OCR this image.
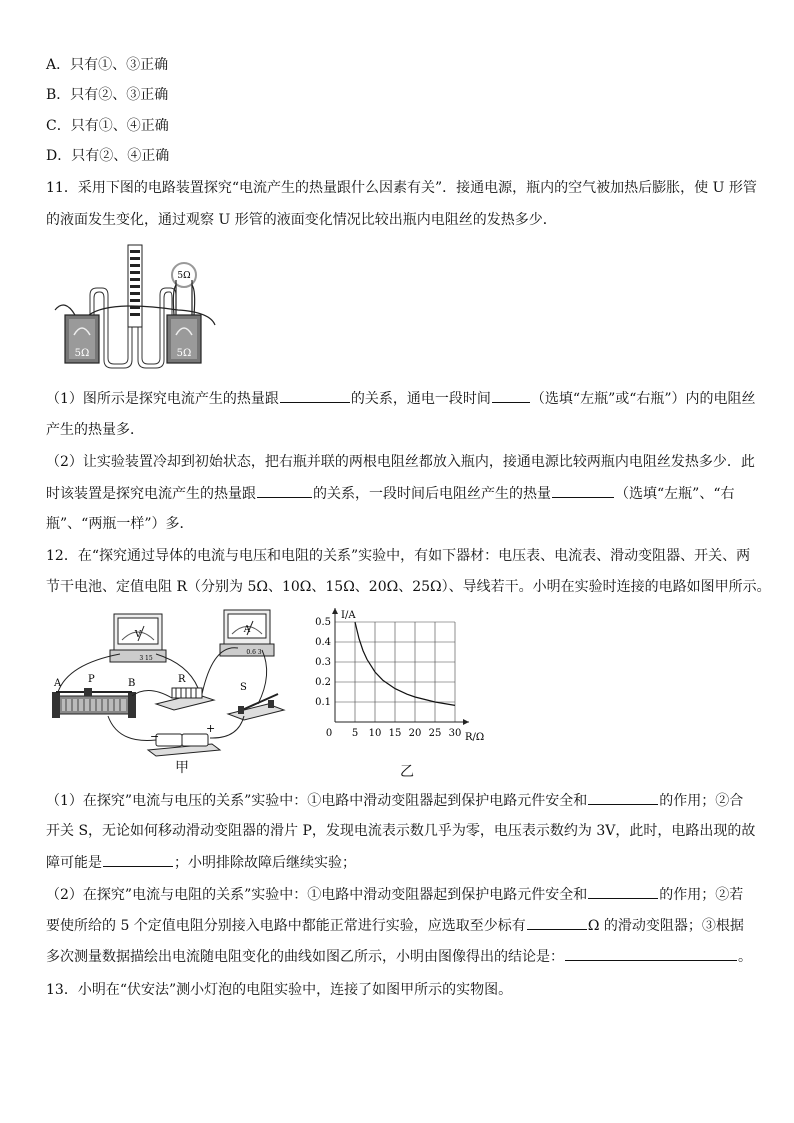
A．只有①、③正确
B．只有②、③正确
C．只有①、④正确
D．只有②、④正确
11．采用下图的电路装置探究“电流产生的热量跟什么因素有关”．接通电源，瓶内的空气被加热后膨胀，使 U 形管
的液面发生变化，通过观察 U 形管的液面变化情况比较出瓶内电阻丝的发热多少．
5Ω	5Ω
5Ω
（1）图所示是探究电流产生的热量跟	的关系，通电一段时间	（选填“左瓶”或“右瓶”）内的电阻丝
产生的热量多．
（2）让实验装置冷却到初始状态，把右瓶并联的两根电阻丝都放入瓶内，接通电源比较两瓶内电阻丝发热多少．此
时该装置是探究电流产生的热量跟	的关系，一段时间后电阻丝产生的热量	（选填“左瓶”、“右
瓶”、“两瓶一样”）多．
12．在“探究通过导体的电流与电压和电阻的关系”实验中，有如下器材：电压表、电流表、滑动变阻器、开关、两
节干电池、定值电阻 R（分别为 5Ω、10Ω、15Ω、20Ω、25Ω）、导线若干。小明在实验时连接的电路如图甲所示。
V
3 15
A
0.6 3
A	P	B	R
S
−
+
甲
0 5 10 15 20 25 30
0.1
0.2
0.3
0.4
0.5
I/A
R/Ω
乙
（1）在探究”电流与电压的关系”实验中：①电路中滑动变阻器起到保护电路元件安全和	的作用；②合
开关 S，无论如何移动滑动变阻器的滑片 P，发现电流表示数几乎为零，电压表示数约为 3V，此时，电路出现的故
障可能是	；小明排除故障后继续实验；
（2）在探究”电流与电阻的关系”实验中：①电路中滑动变阻器起到保护电路元件安全和	的作用；②若
要使所给的 5 个定值电阻分别接入电路中都能正常进行实验，应选取至少标有	Ω 的滑动变阻器；③根据
多次测量数据描绘出电流随电阻变化的曲线如图乙所示，小明由图像得出的结论是：	。
13．小明在“伏安法”测小灯泡的电阻实验中，连接了如图甲所示的实物图。
